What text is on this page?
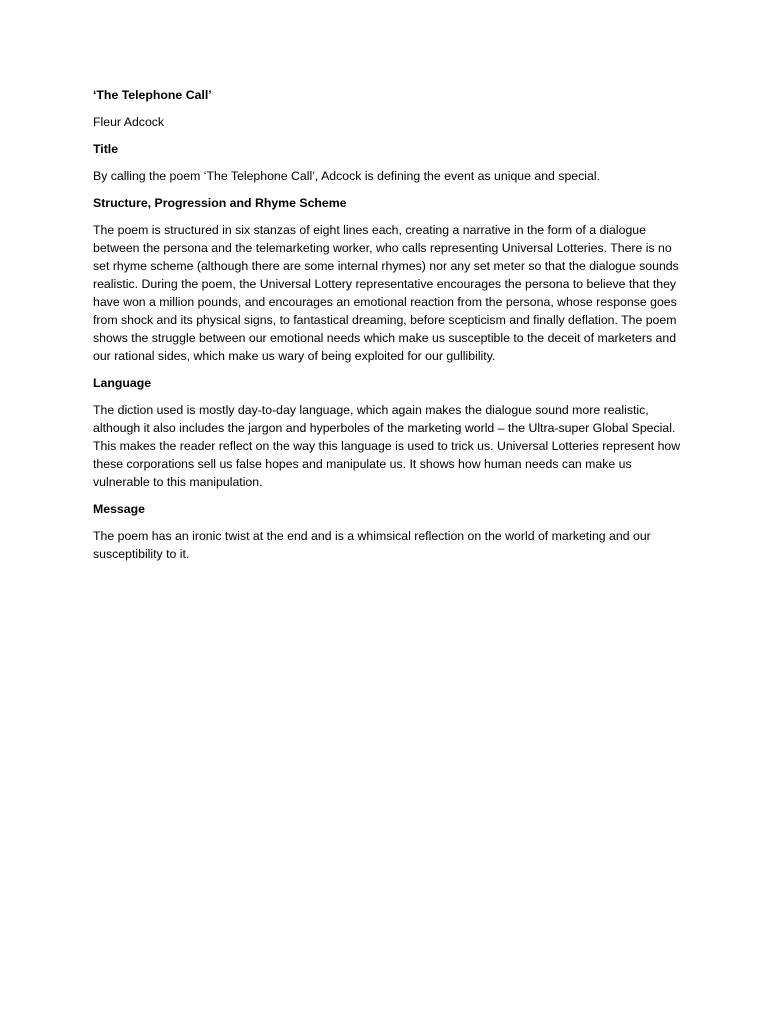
‘The Telephone Call’

Fleur Adcock

Title

By calling the poem ‘The Telephone Call’, Adcock is defining the event as unique and special.

Structure, Progression and Rhyme Scheme

The poem is structured in six stanzas of eight lines each, creating a narrative in the form of a dialogue between the persona and the telemarketing worker, who calls representing Universal Lotteries. There is no set rhyme scheme (although there are some internal rhymes) nor any set meter so that the dialogue sounds realistic. During the poem, the Universal Lottery representative encourages the persona to believe that they have won a million pounds, and encourages an emotional reaction from the persona, whose response goes from shock and its physical signs, to fantastical dreaming, before scepticism and finally deflation. The poem shows the struggle between our emotional needs which make us susceptible to the deceit of marketers and our rational sides, which make us wary of being exploited for our gullibility.

Language

The diction used is mostly day-to-day language, which again makes the dialogue sound more realistic, although it also includes the jargon and hyperboles of the marketing world – the Ultra-super Global Special. This makes the reader reflect on the way this language is used to trick us. Universal Lotteries represent how these corporations sell us false hopes and manipulate us. It shows how human needs can make us vulnerable to this manipulation.

Message

The poem has an ironic twist at the end and is a whimsical reflection on the world of marketing and our susceptibility to it.
